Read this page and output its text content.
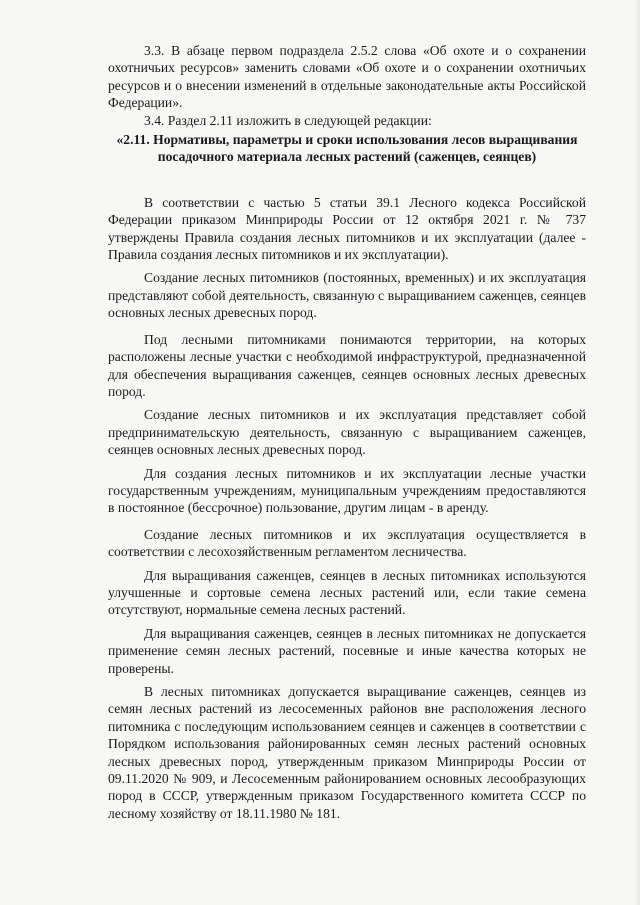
3.3. В абзаце первом подраздела 2.5.2 слова «Об охоте и о сохранении охотничьих ресурсов» заменить словами «Об охоте и о сохранении охотничьих ресурсов и о внесении изменений в отдельные законодательные акты Российской Федерации».

3.4. Раздел 2.11 изложить в следующей редакции:

«2.11. Нормативы, параметры и сроки использования лесов выращивания посадочного материала лесных растений (саженцев, сеянцев)

В соответствии с частью 5 статьи 39.1 Лесного кодекса Российской Федерации приказом Минприроды России от 12 октября 2021 г. № 737 утверждены Правила создания лесных питомников и их эксплуатации (далее - Правила создания лесных питомников и их эксплуатации).

Создание лесных питомников (постоянных, временных) и их эксплуатация представляют собой деятельность, связанную с выращиванием саженцев, сеянцев основных лесных древесных пород.

Под лесными питомниками понимаются территории, на которых расположены лесные участки с необходимой инфраструктурой, предназначенной для обеспечения выращивания саженцев, сеянцев основных лесных древесных пород.

Создание лесных питомников и их эксплуатация представляет собой предпринимательскую деятельность, связанную с выращиванием саженцев, сеянцев основных лесных древесных пород.

Для создания лесных питомников и их эксплуатации лесные участки государственным учреждениям, муниципальным учреждениям предоставляются в постоянное (бессрочное) пользование, другим лицам - в аренду.

Создание лесных питомников и их эксплуатация осуществляется в соответствии с лесохозяйственным регламентом лесничества.

Для выращивания саженцев, сеянцев в лесных питомниках используются улучшенные и сортовые семена лесных растений или, если такие семена отсутствуют, нормальные семена лесных растений.

Для выращивания саженцев, сеянцев в лесных питомниках не допускается применение семян лесных растений, посевные и иные качества которых не проверены.

В лесных питомниках допускается выращивание саженцев, сеянцев из семян лесных растений из лесосеменных районов вне расположения лесного питомника с последующим использованием сеянцев и саженцев в соответствии с Порядком использования районированных семян лесных растений основных лесных древесных пород, утвержденным приказом Минприроды России от 09.11.2020 № 909, и Лесосеменным районированием основных лесообразующих пород в СССР, утвержденным приказом Государственного комитета СССР по лесному хозяйству от 18.11.1980 № 181.
